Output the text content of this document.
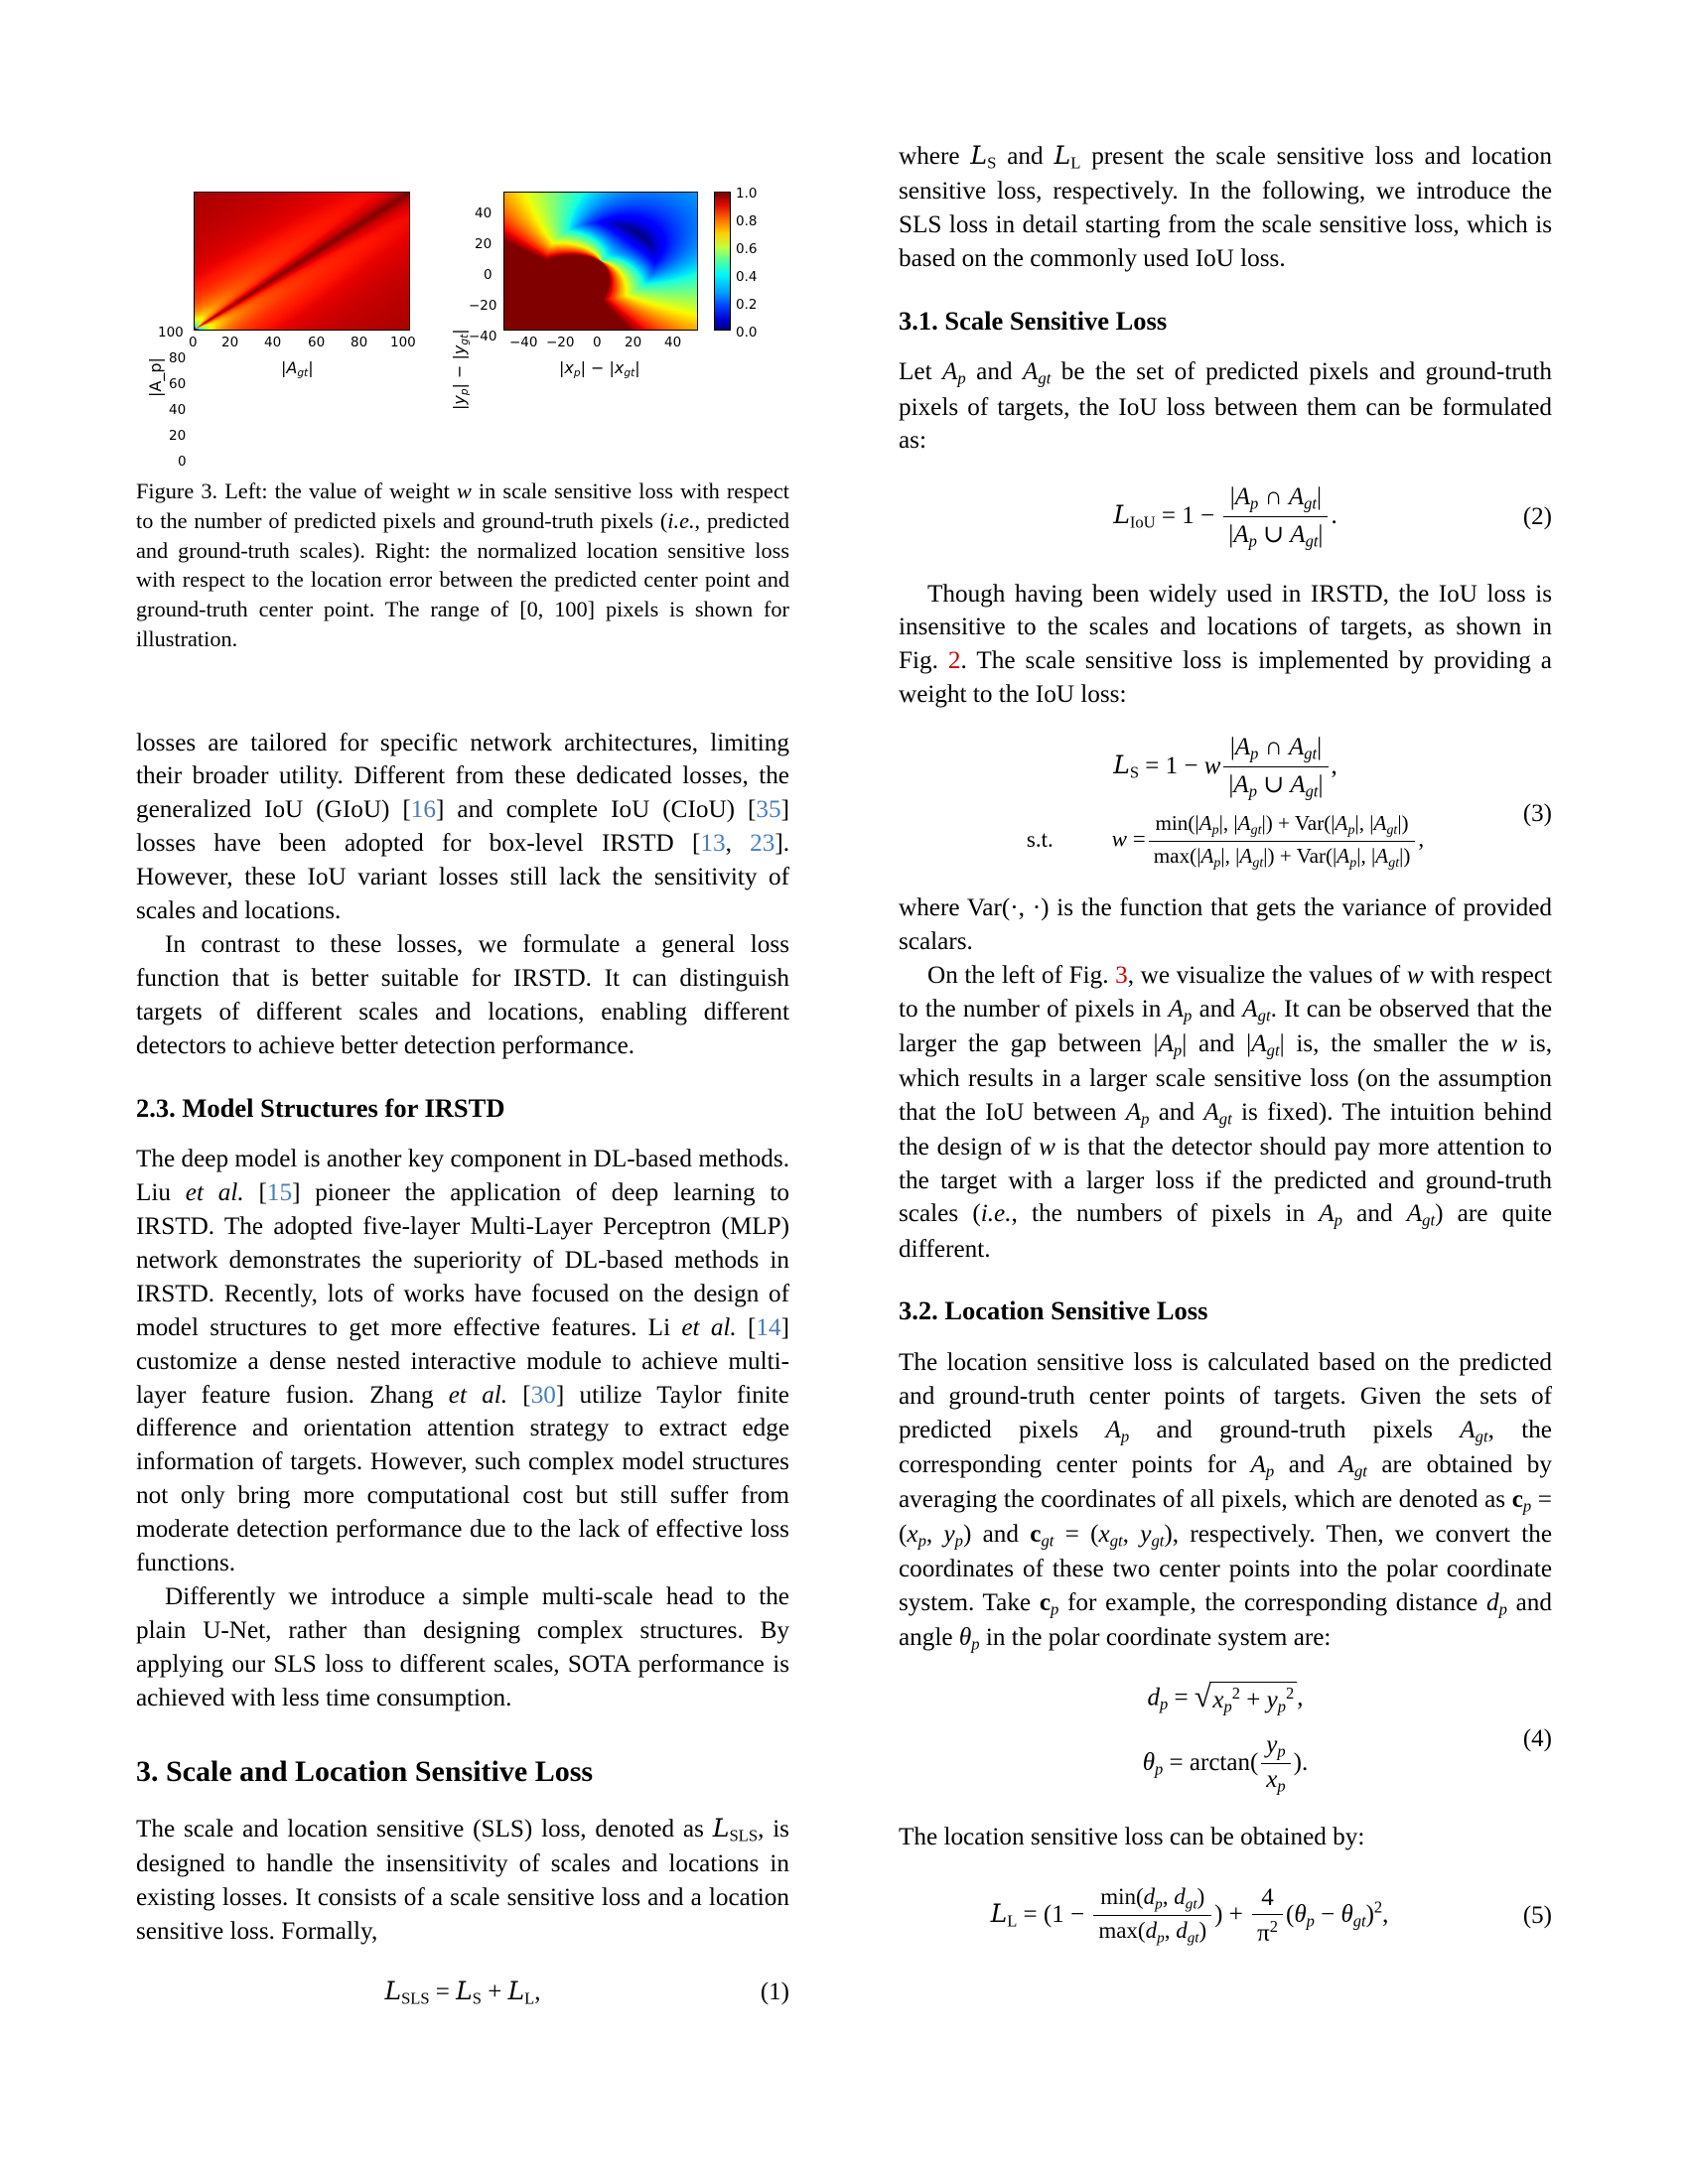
|A_p|
100
80
60
40
20
0
0 20 40 60 80 100
$|A_{gt}|$
$|y_p| - |y_{gt}|$
40
20
0
−20
−40 −40 −20 0 20 40
$|x_p| - |x_{gt}|$
1.0
0.8
0.6
0.4
0.2
0.0
Figure 3. Left: the value of weight w in scale sensitive loss with respect to the number of predicted pixels and ground-truth pixels (i.e., predicted and ground-truth scales). Right: the normalized location sensitive loss with respect to the location error between the predicted center point and ground-truth center point. The range of [0, 100] pixels is shown for illustration.

losses are tailored for specific network architectures, limiting their broader utility. Different from these dedicated losses, the generalized IoU (GIoU) [16] and complete IoU (CIoU) [35] losses have been adopted for box-level IRSTD [13, 23]. However, these IoU variant losses still lack the sensitivity of scales and locations.

In contrast to these losses, we formulate a general loss function that is better suitable for IRSTD. It can distinguish targets of different scales and locations, enabling different detectors to achieve better detection performance.

2.3. Model Structures for IRSTD

The deep model is another key component in DL-based methods. Liu et al. [15] pioneer the application of deep learning to IRSTD. The adopted five-layer Multi-Layer Perceptron (MLP) network demonstrates the superiority of DL-based methods in IRSTD. Recently, lots of works have focused on the design of model structures to get more effective features. Li et al. [14] customize a dense nested interactive module to achieve multi-layer feature fusion. Zhang et al. [30] utilize Taylor finite difference and orientation attention strategy to extract edge information of targets. However, such complex model structures not only bring more computational cost but still suffer from moderate detection performance due to the lack of effective loss functions.

Differently we introduce a simple multi-scale head to the plain U-Net, rather than designing complex structures. By applying our SLS loss to different scales, SOTA performance is achieved with less time consumption.

3. Scale and Location Sensitive Loss

The scale and location sensitive (SLS) loss, denoted as $L_{SLS}$, is designed to handle the insensitivity of scales and locations in existing losses. It consists of a scale sensitive loss and a location sensitive loss. Formally,

$L_{SLS} = L_S + L_L$,	(1)

where $L_S$ and $L_L$ present the scale sensitive loss and location sensitive loss, respectively. In the following, we introduce the SLS loss in detail starting from the scale sensitive loss, which is based on the commonly used IoU loss.

3.1. Scale Sensitive Loss

Let $A_p$ and $A_{gt}$ be the set of predicted pixels and ground-truth pixels of targets, the IoU loss between them can be formulated as:

$L_{IoU} = 1 - \frac{|A_p \cap A_{gt}|}{|A_p \cup A_{gt}|}$ .	(2)

Though having been widely used in IRSTD, the IoU loss is insensitive to the scales and locations of targets, as shown in Fig. 2. The scale sensitive loss is implemented by providing a weight to the IoU loss:

$L_S = 1 - w \frac{|A_p \cap A_{gt}|}{|A_p \cup A_{gt}|}$ ,
s.t.	$w = \frac{\min(|A_p|, |A_{gt}|) + Var(|A_p|, |A_{gt}|)}{\max(|A_p|, |A_{gt}|) + Var(|A_p|, |A_{gt}|)}$ ,
(3)

where Var(·, ·) is the function that gets the variance of provided scalars.

On the left of Fig. 3, we visualize the values of w with respect to the number of pixels in $A_p$ and $A_{gt}$. It can be observed that the larger the gap between $|A_p|$ and $|A_{gt}|$ is, the smaller the w is, which results in a larger scale sensitive loss (on the assumption that the IoU between $A_p$ and $A_{gt}$ is fixed). The intuition behind the design of w is that the detector should pay more attention to the target with a larger loss if the predicted and ground-truth scales (i.e., the numbers of pixels in $A_p$ and $A_{gt}$) are quite different.

3.2. Location Sensitive Loss

The location sensitive loss is calculated based on the predicted and ground-truth center points of targets. Given the sets of predicted pixels $A_p$ and ground-truth pixels $A_{gt}$, the corresponding center points for $A_p$ and $A_{gt}$ are obtained by averaging the coordinates of all pixels, which are denoted as $c_p = (x_p$, $y_p$) and $c_{gt} = (x_{gt}$, $y_{gt}$), respectively. Then, we convert the coordinates of these two center points into the polar coordinate system. Take $c_p$ for example, the corresponding distance $d_p$ and angle $\theta_p$ in the polar coordinate system are:

$d_p$ = √ $x_p^2 + y_p^2$ ,
$\theta_p = \arctan( \frac{y_p}{x_p}$ ).
(4)

The location sensitive loss can be obtained by:

$L_L = (1 - \frac{\min(d_p, d_{gt})}{\max(d_p, d_{gt})}$ ) + $\frac{4}{\pi^2} (\theta_p - \theta_{gt})^2$,	(5)
